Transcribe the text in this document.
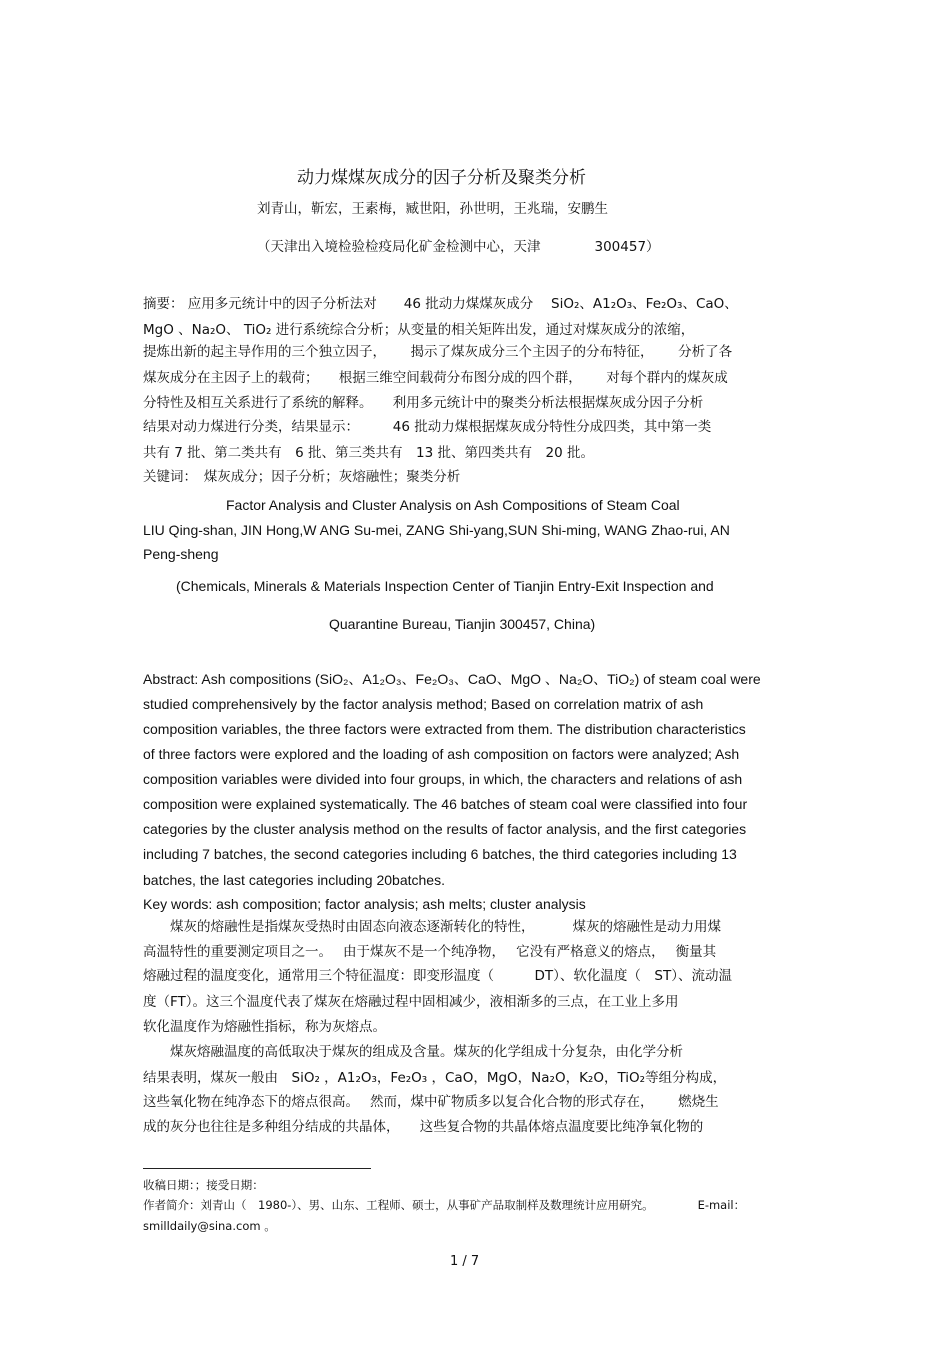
动力煤煤灰成分的因子分析及聚类分析
刘青山，靳宏，王素梅，臧世阳，孙世明，王兆瑞，安鹏生
（天津出入境检验检疫局化矿金检测中心，天津　　　　300457）
摘要： 应用多元统计中的因子分析法对　　46 批动力煤煤灰成分　 SiO₂、A1₂O₃、Fe₂O₃、CaO、
MgO 、Na₂O、 TiO₂ 进行系统综合分析；从变量的相关矩阵出发，通过对煤灰成分的浓缩，
提炼出新的起主导作用的三个独立因子，　　 揭示了煤灰成分三个主因子的分布特征，　　 分析了各
煤灰成分在主因子上的载荷；　　根据三维空间载荷分布图分成的四个群，　　 对每个群内的煤灰成
分特性及相互关系进行了系统的解释。　　利用多元统计中的聚类分析法根据煤灰成分因子分析
结果对动力煤进行分类，结果显示：　　　46 批动力煤根据煤灰成分特性分成四类，其中第一类
共有 7 批、第二类共有　6 批、第三类共有　13 批、第四类共有　20 批。
关键词：　煤灰成分；因子分析；灰熔融性；聚类分析
Factor Analysis and Cluster Analysis on Ash Compositions of Steam Coal
LIU Qing-shan, JIN Hong,W ANG Su-mei, ZANG Shi-yang,SUN Shi-ming, WANG Zhao-rui, AN
Peng-sheng
(Chemicals, Minerals & Materials Inspection Center of Tianjin Entry-Exit Inspection and
Quarantine Bureau, Tianjin 300457, China)
Abstract: Ash compositions (SiO₂、A1₂O₃、Fe₂O₃、CaO、MgO 、Na₂O、TiO₂) of steam coal were
studied comprehensively by the factor analysis method; Based on correlation matrix of ash
composition variables, the three factors were extracted from them. The distribution characteristics
of three factors were explored and the loading of ash composition on factors were analyzed; Ash
composition variables were divided into four groups, in which, the characters and relations of ash
composition were explained systematically. The 46 batches of steam coal were classified into four
categories by the cluster analysis method on the results of factor analysis, and the first categories
including 7 batches, the second categories including 6 batches, the third categories including 13
batches, the last categories including 20batches.
Key words: ash composition; factor analysis; ash melts; cluster analysis
　　煤灰的熔融性是指煤灰受热时由固态向液态逐渐转化的特性，　　　 煤灰的熔融性是动力用煤
高温特性的重要测定项目之一。　 由于煤灰不是一个纯净物，　 它没有严格意义的熔点，　 衡量其
熔融过程的温度变化，通常用三个特征温度：即变形温度（　　　DT）、软化温度（　ST）、流动温
度（FT）。这三个温度代表了煤灰在熔融过程中固相减少，液相渐多的三点，在工业上多用
软化温度作为熔融性指标，称为灰熔点。
　　煤灰熔融温度的高低取决于煤灰的组成及含量。煤灰的化学组成十分复杂，由化学分析
结果表明，煤灰一般由　SiO₂ ，A1₂O₃，Fe₂O₃ ，CaO，MgO，Na₂O，K₂O，TiO₂等组分构成，
这些氧化物在纯净态下的熔点很高。　 然而，煤中矿物质多以复合化合物的形式存在，　　 燃烧生
成的灰分也往往是多种组分结成的共晶体，　　这些复合物的共晶体熔点温度要比纯净氧化物的
收稿日期：；接受日期：
作者简介：刘青山（　1980-）、男、山东、工程师、硕士，从事矿产品取制样及数理统计应用研究。　　　　 E-mail：
smilldaily@sina.com 。
1 / 7
